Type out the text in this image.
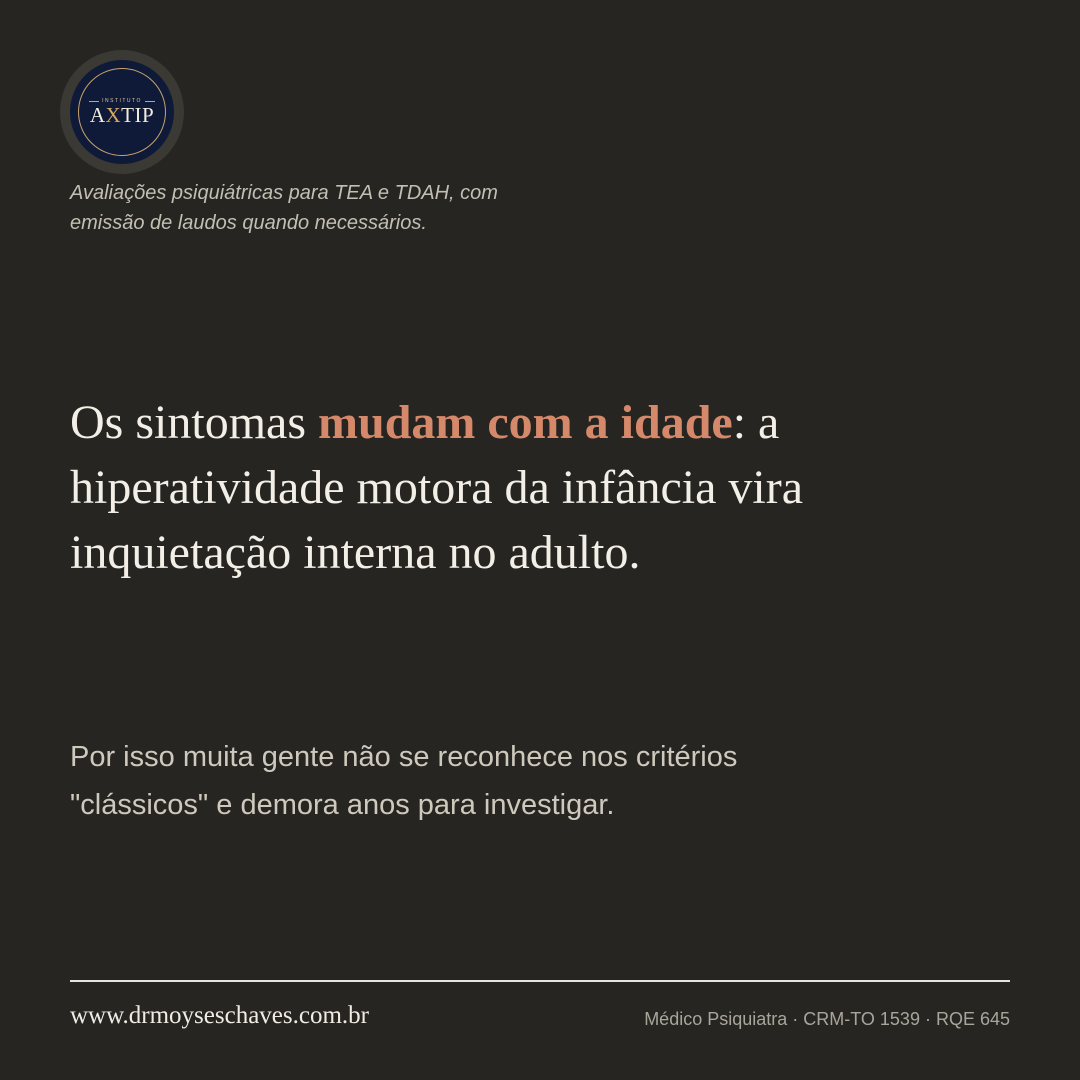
INSTITUTO
AXTIP

Avaliações psiquiátricas para TEA e TDAH, com
emissão de laudos quando necessários.

Os sintomas mudam com a idade: a
hiperatividade motora da infância vira
inquietação interna no adulto.

Por isso muita gente não se reconhece nos critérios
"clássicos" e demora anos para investigar.

www.drmoyseschaves.com.br	Médico Psiquiatra · CRM-TO 1539 · RQE 645
